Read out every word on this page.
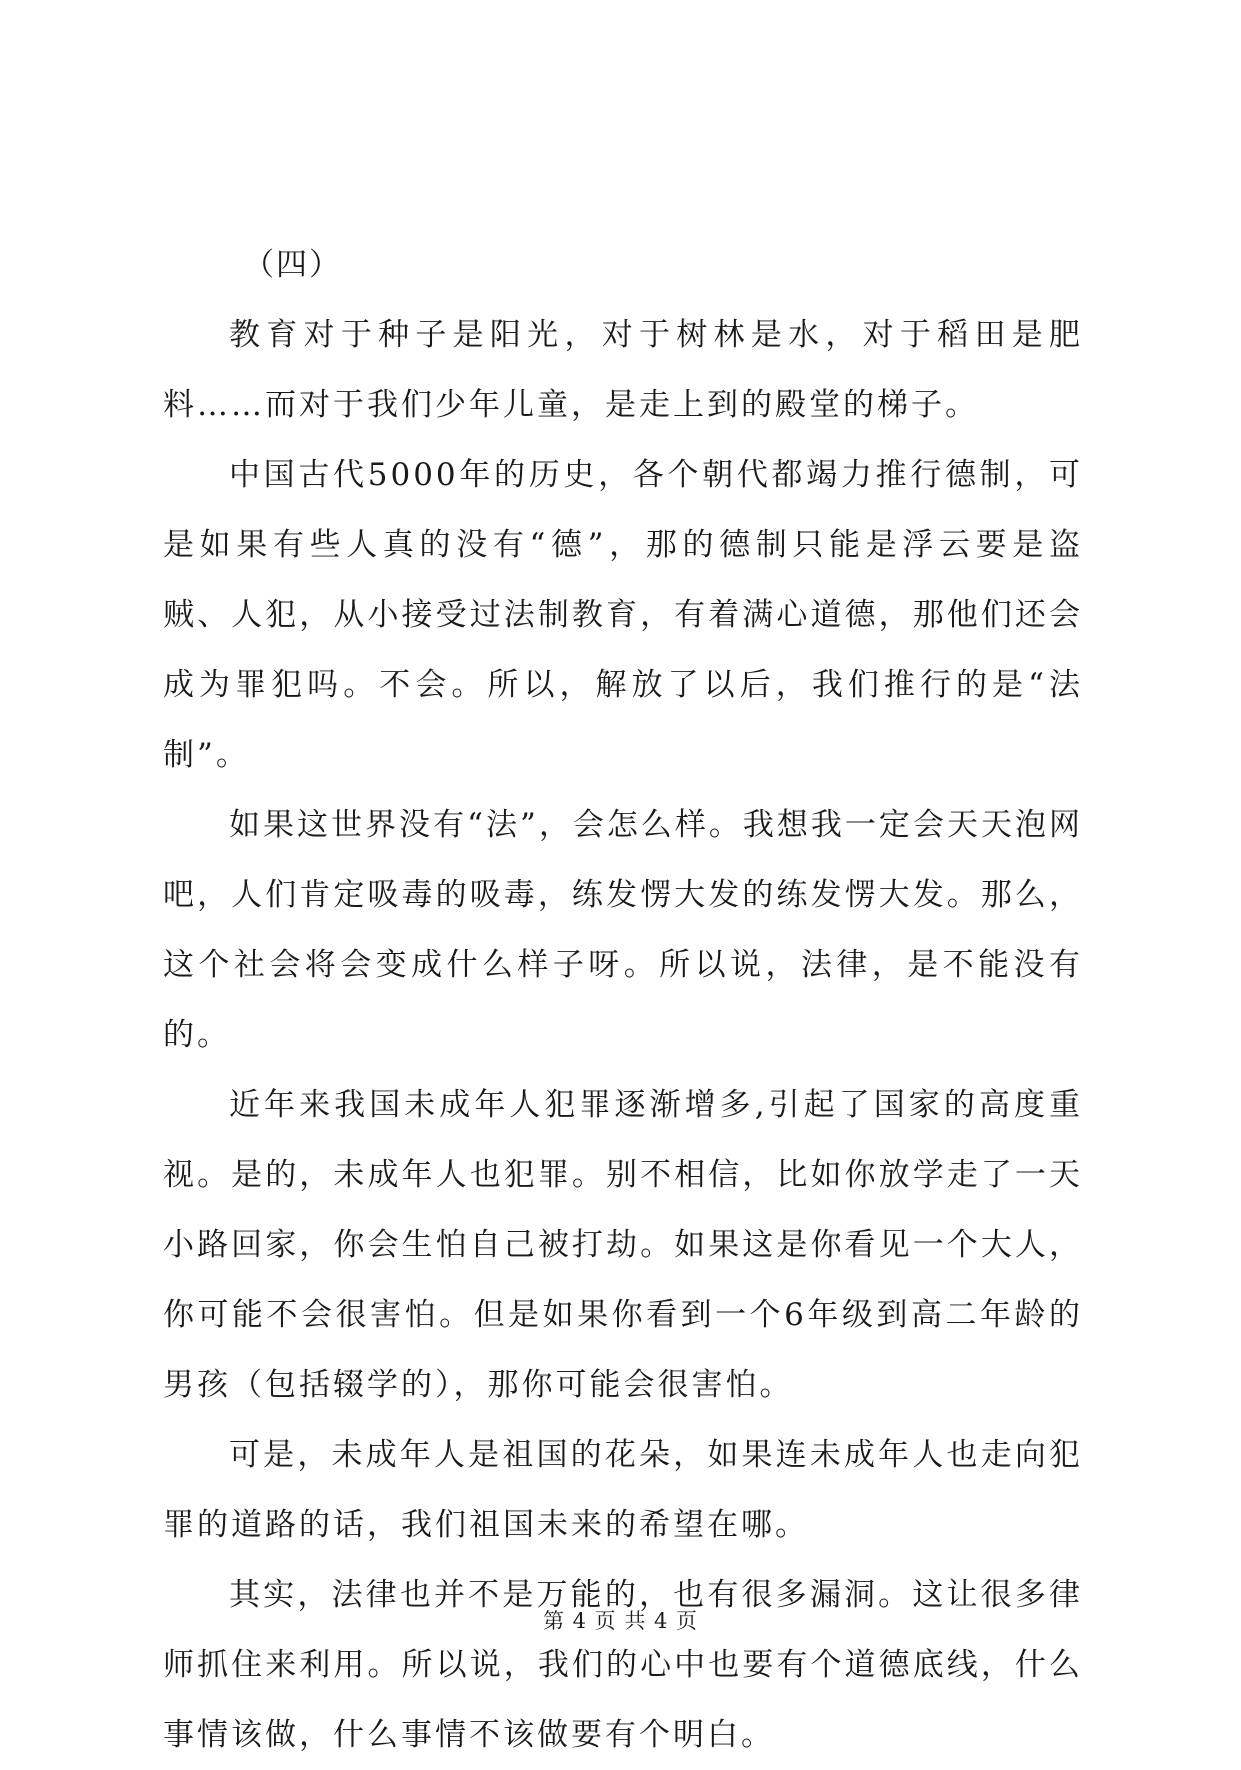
（四）

教育对于种子是阳光，对于树林是水，对于稻田是肥料……而对于我们少年儿童，是走上到的殿堂的梯子。

中国古代5000年的历史，各个朝代都竭力推行德制，可是如果有些人真的没有“德”，那的德制只能是浮云要是盗贼、人犯，从小接受过法制教育，有着满心道德，那他们还会成为罪犯吗。不会。所以，解放了以后，我们推行的是“法制”。

如果这世界没有“法”，会怎么样。我想我一定会天天泡网吧，人们肯定吸毒的吸毒，练发愣大发的练发愣大发。那么，这个社会将会变成什么样子呀。所以说，法律，是不能没有的。

近年来我国未成年人犯罪逐渐增多,引起了国家的高度重视。是的，未成年人也犯罪。别不相信，比如你放学走了一天小路回家，你会生怕自己被打劫。如果这是你看见一个大人，你可能不会很害怕。但是如果你看到一个6年级到高二年龄的男孩（包括辍学的），那你可能会很害怕。

可是，未成年人是祖国的花朵，如果连未成年人也走向犯罪的道路的话，我们祖国未来的希望在哪。

其实，法律也并不是万能的，也有很多漏洞。这让很多律师抓住来利用。所以说，我们的心中也要有个道德底线，什么事情该做，什么事情不该做要有个明白。

第 4 页 共 4 页
